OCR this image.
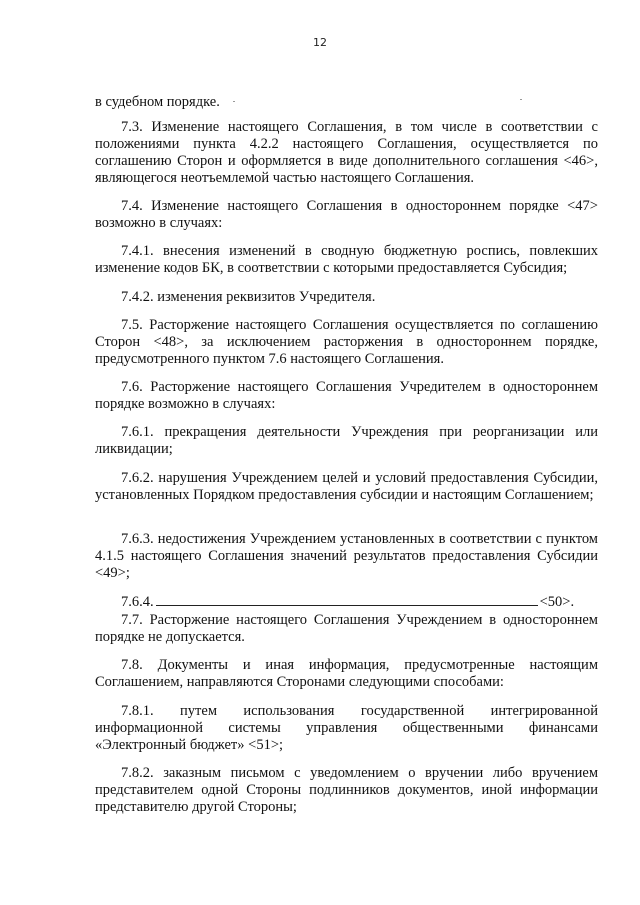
12

в судебном порядке.

7.3. Изменение настоящего Соглашения, в том числе в соответствии с положениями пункта 4.2.2 настоящего Соглашения, осуществляется по соглашению Сторон и оформляется в виде дополнительного соглашения <46>, являющегося неотъемлемой частью настоящего Соглашения.

7.4. Изменение настоящего Соглашения в одностороннем порядке <47> возможно в случаях:

7.4.1. внесения изменений в сводную бюджетную роспись, повлекших изменение кодов БК, в соответствии с которыми предоставляется Субсидия;

7.4.2. изменения реквизитов Учредителя.

7.5. Расторжение настоящего Соглашения осуществляется по соглашению Сторон <48>, за исключением расторжения в одностороннем порядке, предусмотренного пунктом 7.6 настоящего Соглашения.

7.6. Расторжение настоящего Соглашения Учредителем в одностороннем порядке возможно в случаях:

7.6.1. прекращения деятельности Учреждения при реорганизации или ликвидации;

7.6.2. нарушения Учреждением целей и условий предоставления Субсидии, установленных Порядком предоставления субсидии и настоящим Соглашением;

7.6.3. недостижения Учреждением установленных в соответствии с пунктом 4.1.5 настоящего Соглашения значений результатов предоставления Субсидии <49>;

7.6.4.	<50>.

7.7. Расторжение настоящего Соглашения Учреждением в одностороннем порядке не допускается.

7.8. Документы и иная информация, предусмотренные настоящим Соглашением, направляются Сторонами следующими способами:

7.8.1. путем использования государственной интегрированной информационной системы управления общественными финансами «Электронный бюджет» <51>;

7.8.2. заказным письмом с уведомлением о вручении либо вручением представителем одной Стороны подлинников документов, иной информации представителю другой Стороны;
